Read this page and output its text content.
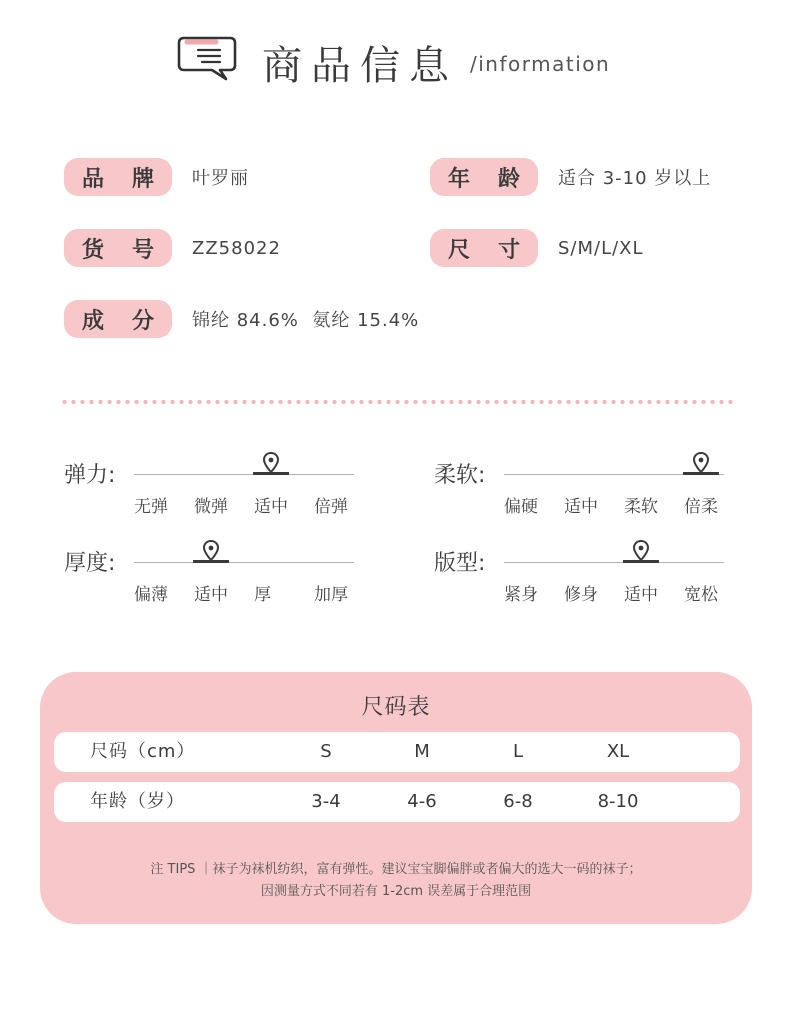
商品信息 /information
品 牌 叶罗丽	年 龄 适合 3-10 岁以上
货 号 ZZ58022	尺 寸 S/M/L/XL
成 分 锦纶 84.6%  氨纶 15.4%
弹力:
无弹	微弹	适中	倍弹
柔软:
偏硬	适中	柔软	倍柔
厚度:
偏薄	适中	厚	加厚
版型:
紧身	修身	适中	宽松
尺码表
尺码（cm）	S	M	L	XL
年龄（岁）	3-4	4-6	6-8	8-10
注 TIPS ｜袜子为袜机纺织，富有弹性。建议宝宝脚偏胖或者偏大的选大一码的袜子；
因测量方式不同若有 1-2cm 误差属于合理范围
